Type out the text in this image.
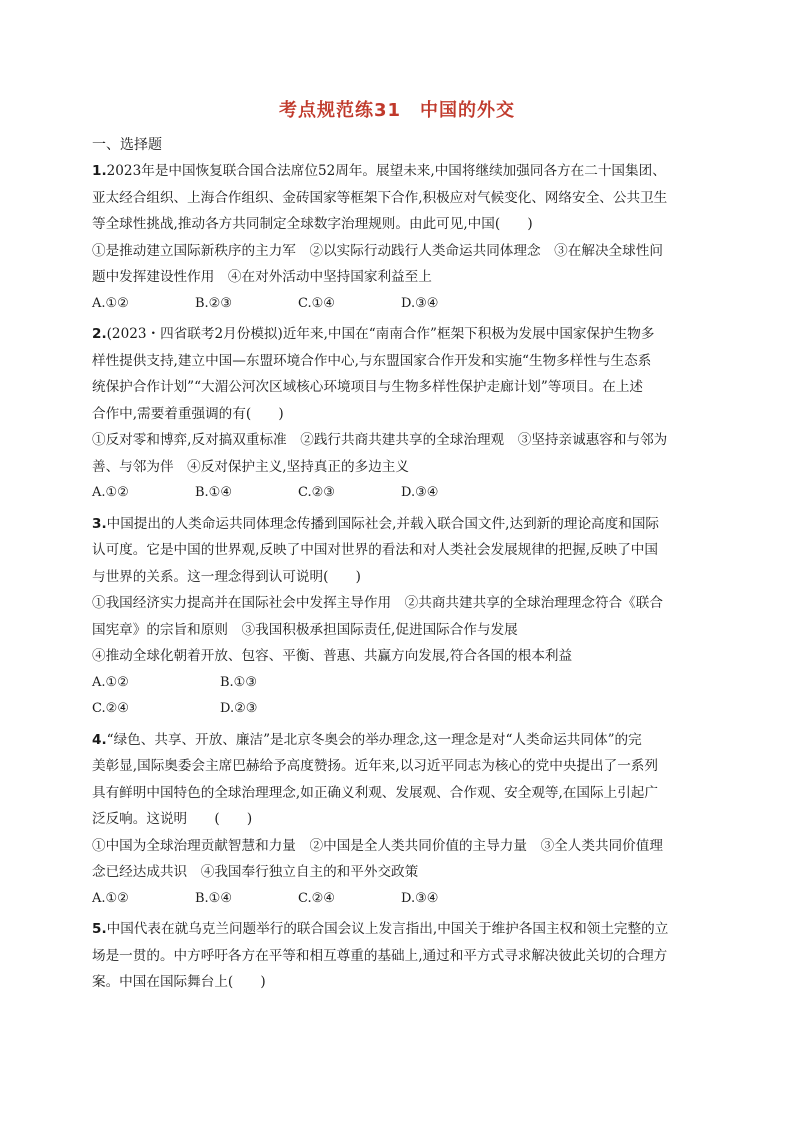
考点规范练31　中国的外交
一、选择题
1.2023年是中国恢复联合国合法席位52周年。展望未来,中国将继续加强同各方在二十国集团、
亚太经合组织、上海合作组织、金砖国家等框架下合作,积极应对气候变化、网络安全、公共卫生
等全球性挑战,推动各方共同制定全球数字治理规则。由此可见,中国(　　)
①是推动建立国际新秩序的主力军　②以实际行动践行人类命运共同体理念　③在解决全球性问
题中发挥建设性作用　④在对外活动中坚持国家利益至上
A.①②	B.②③	C.①④	D.③④
2.(2023・四省联考2月份模拟)近年来,中国在“南南合作”框架下积极为发展中国家保护生物多
样性提供支持,建立中国—东盟环境合作中心,与东盟国家合作开发和实施“生物多样性与生态系
统保护合作计划”“大湄公河次区域核心环境项目与生物多样性保护走廊计划”等项目。在上述
合作中,需要着重强调的有(　　)
①反对零和博弈,反对搞双重标准　②践行共商共建共享的全球治理观　③坚持亲诚惠容和与邻为
善、与邻为伴　④反对保护主义,坚持真正的多边主义
A.①②	B.①④	C.②③	D.③④
3.中国提出的人类命运共同体理念传播到国际社会,并载入联合国文件,达到新的理论高度和国际
认可度。它是中国的世界观,反映了中国对世界的看法和对人类社会发展规律的把握,反映了中国
与世界的关系。这一理念得到认可说明(　　)
①我国经济实力提高并在国际社会中发挥主导作用　②共商共建共享的全球治理理念符合《联合
国宪章》的宗旨和原则　③我国积极承担国际责任,促进国际合作与发展
④推动全球化朝着开放、包容、平衡、普惠、共赢方向发展,符合各国的根本利益
A.①②	B.①③
C.②④	D.②③
4.“绿色、共享、开放、廉洁”是北京冬奥会的举办理念,这一理念是对“人类命运共同体”的完
美彰显,国际奥委会主席巴赫给予高度赞扬。近年来,以习近平同志为核心的党中央提出了一系列
具有鲜明中国特色的全球治理理念,如正确义利观、发展观、合作观、安全观等,在国际上引起广
泛反响。这说明　　(　　)
①中国为全球治理贡献智慧和力量　②中国是全人类共同价值的主导力量　③全人类共同价值理
念已经达成共识　④我国奉行独立自主的和平外交政策
A.①②	B.①④	C.②④	D.③④
5.中国代表在就乌克兰问题举行的联合国会议上发言指出,中国关于维护各国主权和领土完整的立
场是一贯的。中方呼吁各方在平等和相互尊重的基础上,通过和平方式寻求解决彼此关切的合理方
案。中国在国际舞台上(　　)
